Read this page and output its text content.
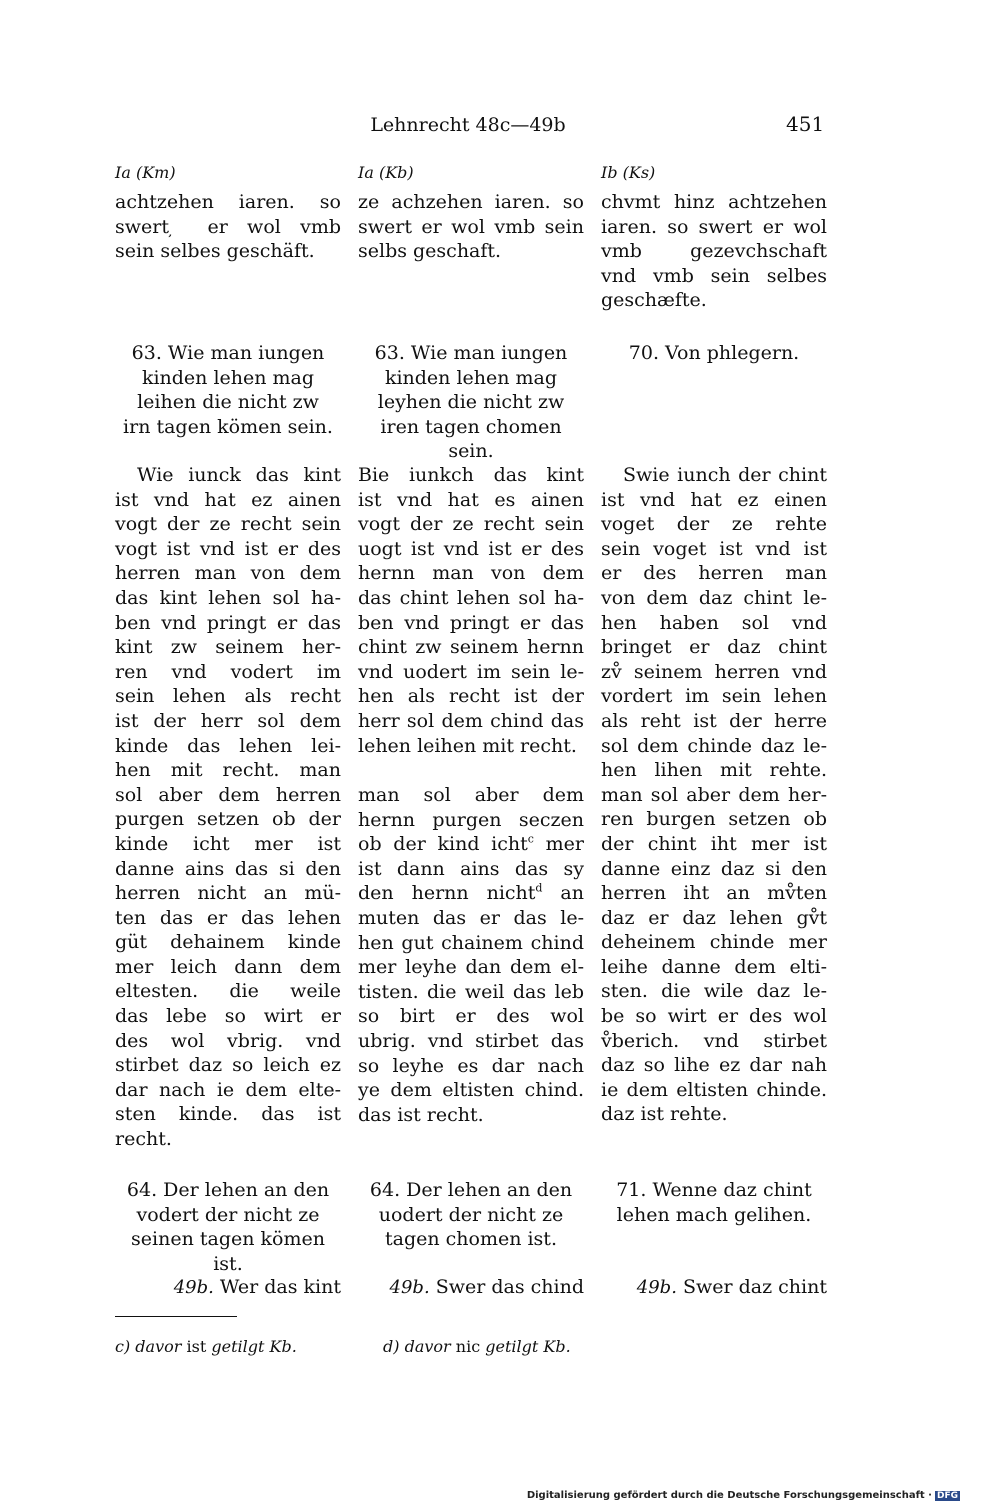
Lehnrecht 48c—49b	451
Ia (Km)
achtzehen iaren. so
swert ̦ er wol vmb
sein selbes geschäft.
63. Wie man iungen
kinden lehen mag
leihen die nicht zw
irn tagen kömen sein.
Wie iunck das kint
ist vnd hat ez ainen
vogt der ze recht sein
vogt ist vnd ist er des
herren man von dem
das kint lehen sol ha-
ben vnd pringt er das
kint zw seinem her-
ren vnd vodert im
sein lehen als recht
ist der herr sol dem
kinde das lehen lei-
hen mit recht. man
sol aber dem herren
purgen setzen ob der
kinde icht mer ist
danne ains das si den
herren nicht an mü-
ten das er das lehen
güt dehainem kinde
mer leich dann dem
eltesten. die weile
das lebe so wirt er
des wol vbrig. vnd
stirbet daz so leich ez
dar nach ie dem elte-
sten kinde. das ist
recht.
64. Der lehen an den
vodert der nicht ze
seinen tagen kömen
ist.
49b. Wer das kint
Ia (Kb)
ze achzehen iaren. so
swert er wol vmb sein
selbs geschaft.
63. Wie man iungen
kinden lehen mag
leyhen die nicht zw
iren tagen chomen
sein.
Bie iunkch das kint
ist vnd hat es ainen
vogt der ze recht sein
uogt ist vnd ist er des
hernn man von dem
das chint lehen sol ha-
ben vnd pringt er das
chint zw seinem hernn
vnd uodert im sein le-
hen als recht ist der
herr sol dem chind das
lehen leihen mit recht.
man sol aber dem
hernn purgen seczen
ob der kind icht$^c$ mer
ist dann ains das sy
den hernn nicht$^d$ an
muten das er das le-
hen gut chainem chind
mer leyhe dan dem el-
tisten. die weil das leb
so birt er des wol
ubrig. vnd stirbet das
so leyhe es dar nach
ye dem eltisten chind.
das ist recht.
64. Der lehen an den
uodert der nicht ze
tagen chomen ist.
49b. Swer das chind
Ib (Ks)
chvmt hinz achtzehen
iaren. so swert er wol
vmb gezevchschaft
vnd vmb sein selbes
geschæfte.
70. Von phlegern.
Swie iunch der chint
ist vnd hat ez einen
voget der ze rehte
sein voget ist vnd ist
er des herren man
von dem daz chint le-
hen haben sol vnd
bringet er daz chint
zv̊ seinem herren vnd
vordert im sein lehen
als reht ist der herre
sol dem chinde daz le-
hen lihen mit rehte.
man sol aber dem her-
ren burgen setzen ob
der chint iht mer ist
danne einz daz si den
herren iht an mv̊ten
daz er daz lehen gv̊t
deheinem chinde mer
leihe danne dem elti-
sten. die wile daz le-
be so wirt er des wol
v̊berich. vnd stirbet
daz so lihe ez dar nah
ie dem eltisten chinde.
daz ist rehte.
71. Wenne daz chint
lehen mach gelihen.
49b. Swer daz chint
c) davor ist getilgt Kb.	d) davor nic getilgt Kb.
Digitalisierung gefördert durch die Deutsche Forschungsgemeinschaft · DFG
